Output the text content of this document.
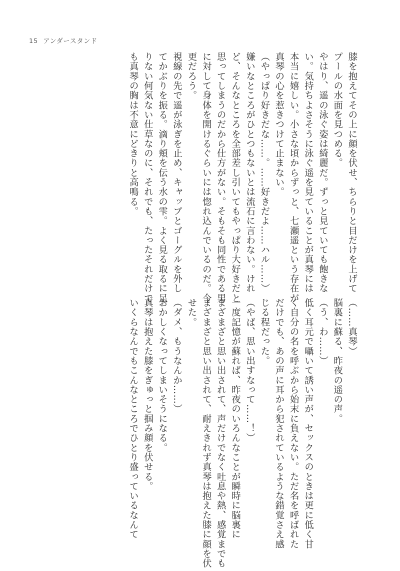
15 アンダースタンド
膝を抱えてその上に顔を伏せ、ちらりと目だけを上げて
プールの水面を見つめる。
やはり、遥の泳ぐ姿は綺麗だ。ずっと見ていても飽きな
い。気持ちよさそうに泳ぐ遥を見ていることが真琴には
本当に嬉しい。小さな頃からずっと、七瀬遥という存在が
真琴の心を惹きつけて止まない。
（やっぱり好きだな……。……好きだよ……ハル……）
嫌いなところがひとつもないとは流石に言わない。けれ
ど、そんなところを全部差し引いてもやっぱり大好きだと
思ってしまうのだから仕方がない。そもそも同性である男
に対して身体を開けるぐらいには惚れ込んでいるのだ。今
更だろう。
視線の先で遥が泳ぎを止め、キャップとゴーグルを外し
てかぶりを振る。滴り頬を伝う水の雫。よく見る取るに足
りない何気ない仕草なのに、それでも、たったそれだけで
も真琴の胸は不意にどきりと高鳴る。
（……真琴）
脳裏に蘇る、昨夜の遥の声。
（う、わ……）
低く耳元で囁いて誘い声が、セックスのときは更に低く甘
く自分の名を呼ぶから始末に負えない。ただ名を呼ばれた
だけでも、あの声に耳から犯されているような錯覚さえ感
じる程だった。
（やば、思い出すなって……！）
一度記憶が蘇れば、昨夜のいろんなことが瞬時に脳裏に
まざまざと思い出されて、声だけでなく吐息や熱、感覚までも
まざまざと思い出されて、耐えきれず真琴は抱えた膝に顔を伏
せた。
（ダメ、もうなんか……）
おかしくなってしまいそうになる。
真琴は抱えた膝をぎゅっと掴み顔を伏せる。
いくらなんでもこんなところでひとり盛っているなんて
